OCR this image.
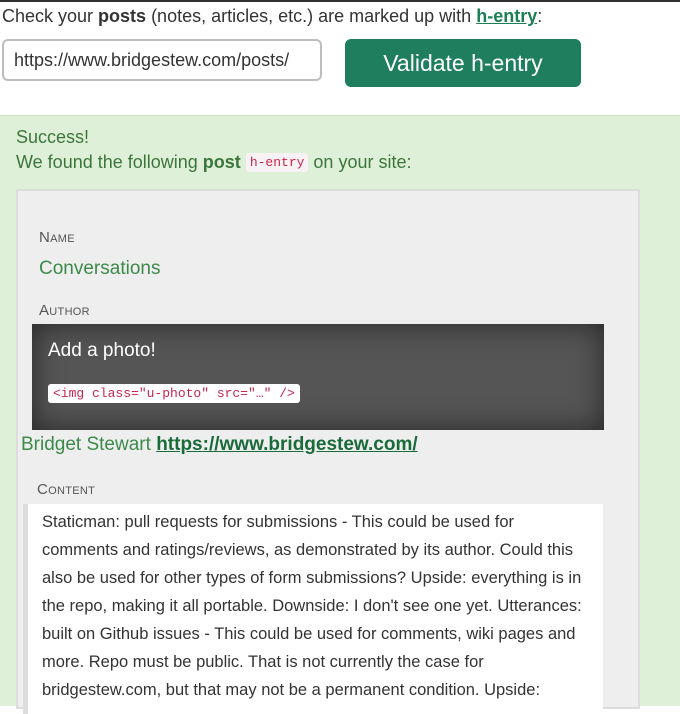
Check your posts (notes, articles, etc.) are marked up with h-entry:
https://www.bridgestew.com/posts/
Validate h-entry
Success!
We found the following post h-entry on your site:
Name
Conversations
Author
Add a photo!
<img class="u-photo" src="…" />
Bridget Stewart https://www.bridgestew.com/
Content

Staticman: pull requests for submissions - This could be used for comments and ratings/reviews, as demonstrated by its author. Could this also be used for other types of form submissions? Upside: everything is in the repo, making it all portable. Downside: I don't see one yet. Utterances: built on Github issues - This could be used for comments, wiki pages and more. Repo must be public. That is not currently the case for bridgestew.com, but that may not be a permanent condition. Upside:
